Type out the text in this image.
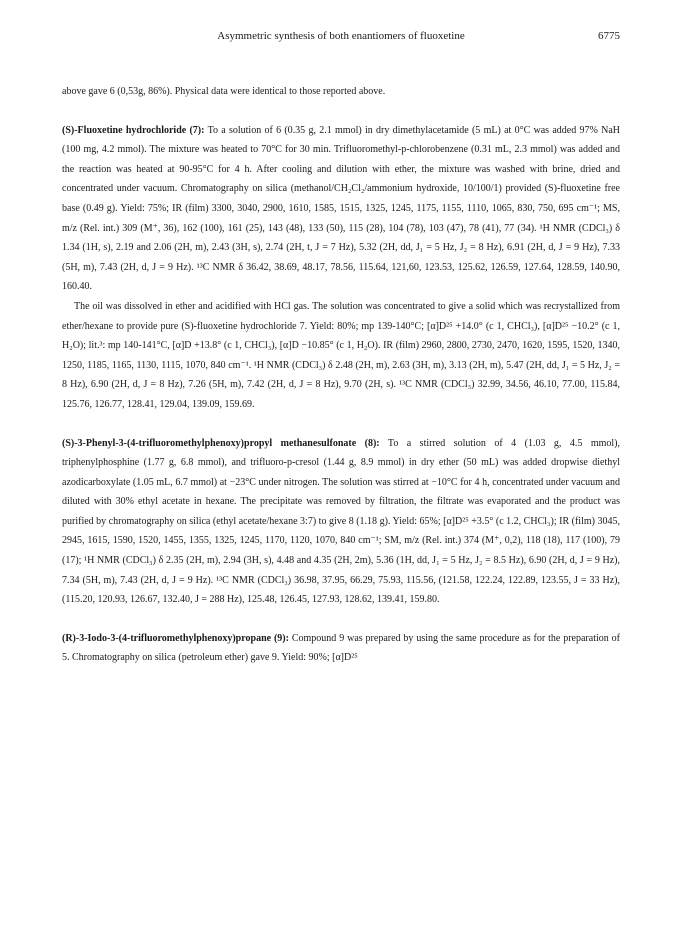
Asymmetric synthesis of both enantiomers of fluoxetine	6775

above gave 6 (0,53g, 86%). Physical data were identical to those reported above.

(S)-Fluoxetine hydrochloride (7): To a solution of 6 (0.35 g, 2.1 mmol) in dry dimethylacetamide (5 mL) at 0°C was added 97% NaH (100 mg, 4.2 mmol). The mixture was heated to 70°C for 30 min. Trifluoromethyl-p-chlorobenzene (0.31 mL, 2.3 mmol) was added and the reaction was heated at 90-95°C for 4 h. After cooling and dilution with ether, the mixture was washed with brine, dried and concentrated under vacuum. Chromatography on silica (methanol/CH₂Cl₂/ammonium hydroxide, 10/100/1) provided (S)-fluoxetine free base (0.49 g). Yield: 75%; IR (film) 3300, 3040, 2900, 1610, 1585, 1515, 1325, 1245, 1175, 1155, 1110, 1065, 830, 750, 695 cm⁻¹; MS, m/z (Rel. int.) 309 (M⁺, 36), 162 (100), 161 (25), 143 (48), 133 (50), 115 (28), 104 (78), 103 (47), 78 (41), 77 (34). ¹H NMR (CDCl₃) δ 1.34 (1H, s), 2.19 and 2.06 (2H, m), 2.43 (3H, s), 2.74 (2H, t, J = 7 Hz), 5.32 (2H, dd, J₁ = 5 Hz, J₂ = 8 Hz), 6.91 (2H, d, J = 9 Hz), 7.33 (5H, m), 7.43 (2H, d, J = 9 Hz). ¹³C NMR δ 36.42, 38.69, 48.17, 78.56, 115.64, 121,60, 123.53, 125.62, 126.59, 127.64, 128.59, 140.90, 160.40.

The oil was dissolved in ether and acidified with HCl gas. The solution was concentrated to give a solid which was recrystallized from ether/hexane to provide pure (S)-fluoxetine hydrochloride 7. Yield: 80%; mp 139-140°C; [α]D²⁵ +14.0° (c 1, CHCl₃), [α]D²⁵ −10.2° (c 1, H₂O); lit.³: mp 140-141°C, [α]D +13.8° (c 1, CHCl₃), [α]D −10.85° (c 1, H₂O). IR (film) 2960, 2800, 2730, 2470, 1620, 1595, 1520, 1340, 1250, 1185, 1165, 1130, 1115, 1070, 840 cm⁻¹. ¹H NMR (CDCl₃) δ 2.48 (2H, m), 2.63 (3H, m), 3.13 (2H, m), 5.47 (2H, dd, J₁ = 5 Hz, J₂ = 8 Hz), 6.90 (2H, d, J = 8 Hz), 7.26 (5H, m), 7.42 (2H, d, J = 8 Hz), 9.70 (2H, s). ¹³C NMR (CDCl₃) 32.99, 34.56, 46.10, 77.00, 115.84, 125.76, 126.77, 128.41, 129.04, 139.09, 159.69.

(S)-3-Phenyl-3-(4-trifluoromethylphenoxy)propyl methanesulfonate (8): To a stirred solution of 4 (1.03 g, 4.5 mmol), triphenylphosphine (1.77 g, 6.8 mmol), and trifluoro-p-cresol (1.44 g, 8.9 mmol) in dry ether (50 mL) was added dropwise diethyl azodicarboxylate (1.05 mL, 6.7 mmol) at −23°C under nitrogen. The solution was stirred at −10°C for 4 h, concentrated under vacuum and diluted with 30% ethyl acetate in hexane. The precipitate was removed by filtration, the filtrate was evaporated and the product was purified by chromatography on silica (ethyl acetate/hexane 3:7) to give 8 (1.18 g). Yield: 65%; [α]D²⁵ +3.5° (c 1.2, CHCl₃); IR (film) 3045, 2945, 1615, 1590, 1520, 1455, 1355, 1325, 1245, 1170, 1120, 1070, 840 cm⁻¹; SM, m/z (Rel. int.) 374 (M⁺, 0,2), 118 (18), 117 (100), 79 (17); ¹H NMR (CDCl₃) δ 2.35 (2H, m), 2.94 (3H, s), 4.48 and 4.35 (2H, 2m), 5.36 (1H, dd, J₁ = 5 Hz, J₂ = 8.5 Hz), 6.90 (2H, d, J = 9 Hz), 7.34 (5H, m), 7.43 (2H, d, J = 9 Hz). ¹³C NMR (CDCl₃) 36.98, 37.95, 66.29, 75.93, 115.56, (121.58, 122.24, 122.89, 123.55, J = 33 Hz), (115.20, 120.93, 126.67, 132.40, J = 288 Hz), 125.48, 126.45, 127.93, 128.62, 139.41, 159.80.

(R)-3-Iodo-3-(4-trifluoromethylphenoxy)propane (9): Compound 9 was prepared by using the same procedure as for the preparation of 5. Chromatography on silica (petroleum ether) gave 9. Yield: 90%; [α]D²⁵
